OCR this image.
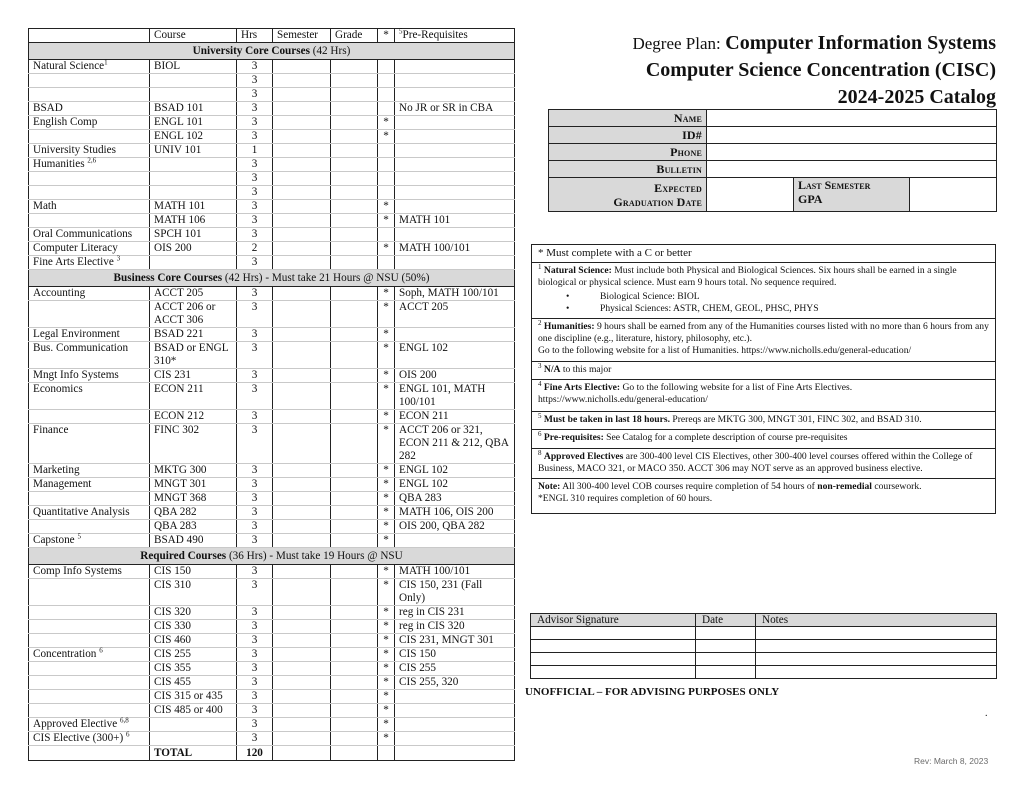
	Course	Hrs	Semester	Grade	*	$^5$Pre-Requisites
University Core Courses (42 Hrs)						
Natural Science$^1$	BIOL	3				
		3				
		3				
BSAD	BSAD 101	3				No JR or SR in CBA
English Comp	ENGL 101	3			*	
	ENGL 102	3			*	
University Studies	UNIV 101	1				
Humanities $^{2,6}$		3				
		3				
		3				
Math	MATH 101	3			*	
	MATH 106	3			*	MATH 101
Oral Communications	SPCH 101	3				
Computer Literacy	OIS 200	2			*	MATH 100/101
Fine Arts Elective $^3$		3				
Business Core Courses (42 Hrs) - Must take 21 Hours @ NSU (50%)						
Accounting	ACCT 205	3			*	Soph, MATH 100/101
	ACCT 206 or ACCT 306	3			*	ACCT 205
Legal Environment	BSAD 221	3			*	
Bus. Communication	BSAD or ENGL 310*	3			*	ENGL 102
Mngt Info Systems	CIS 231	3			*	OIS 200
Economics	ECON 211	3			*	ENGL 101, MATH 100/101
	ECON 212	3			*	ECON 211
Finance	FINC 302	3			*	ACCT 206 or 321, ECON 211 & 212, QBA 282
Marketing	MKTG 300	3			*	ENGL 102
Management	MNGT 301	3			*	ENGL 102
	MNGT 368	3			*	QBA 283
Quantitative Analysis	QBA 282	3			*	MATH 106, OIS 200
	QBA 283	3			*	OIS 200, QBA 282
Capstone $^5$	BSAD 490	3			*	
Required Courses (36 Hrs) - Must take 19 Hours @ NSU						
Comp Info Systems	CIS 150	3			*	MATH 100/101
	CIS 310	3			*	CIS 150, 231 (Fall Only)
	CIS 320	3			*	reg in CIS 231
	CIS 330	3			*	reg in CIS 320
	CIS 460	3			*	CIS 231, MNGT 301
Concentration $^6$	CIS 255	3			*	CIS 150
	CIS 355	3			*	CIS 255
	CIS 455	3			*	CIS 255, 320
	CIS 315 or 435	3			*	
	CIS 485 or 400	3			*	
Approved Elective $^{6,8}$		3			*	
CIS Elective (300+) $^6$		3			*	
	TOTAL	120				
Degree Plan: Computer Information Systems
Computer Science Concentration (CISC)
2024-2025 Catalog
Name			
ID#			
Phone			
Bulletin			
Expected
Graduation Date		Last Semester
GPA	
* Must complete with a C or better
$^1$ Natural Science: Must include both Physical and Biological Sciences. Six hours shall be earned in a single biological or physical science. Must earn 9 hours total. No sequence required.
• Biological Science: BIOL
• Physical Sciences: ASTR, CHEM, GEOL, PHSC, PHYS

$^2$ Humanities: 9 hours shall be earned from any of the Humanities courses listed with no more than 6 hours from any one discipline (e.g., literature, history, philosophy, etc.).
Go to the following website for a list of Humanities. https://www.nicholls.edu/general-education/
$^3$ N/A to this major
$^4$ Fine Arts Elective: Go to the following website for a list of Fine Arts Electives.
https://www.nicholls.edu/general-education/
$^5$ Must be taken in last 18 hours. Prereqs are MKTG 300, MNGT 301, FINC 302, and BSAD 310.
$^6$ Pre-requisites: See Catalog for a complete description of course pre-requisites
$^8$ Approved Electives are 300-400 level CIS Electives, other 300-400 level courses offered within the College of Business, MACO 321, or MACO 350. ACCT 306 may NOT serve as an approved business elective.
Note: All 300-400 level COB courses require completion of 54 hours of non-remedial coursework.
*ENGL 310 requires completion of 60 hours.
Advisor Signature	Date	Notes

UNOFFICIAL – FOR ADVISING PURPOSES ONLY
.
Rev: March 8, 2023
